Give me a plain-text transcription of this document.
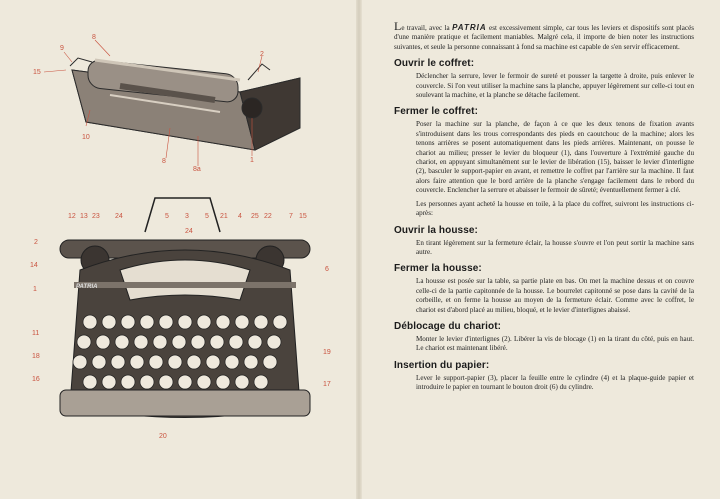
9
8
15
2
10
8
8a
1
12 13 23 24	5 3 5 21 4 25 22 7 15
2
6
24
14
1
11
18
16
19
17
20
PATRIA

Le travail, avec la PATRIA est excessivement simple, car tous les leviers et dispositifs sont placés d'une manière pratique et facilement maniables. Malgré cela, il importe de bien noter les instructions suivantes, et seule la personne connaissant à fond sa machine est capable de s'en servir efficacement.

Ouvrir le coffret:

Déclencher la serrure, lever le fermoir de sureté et pousser la targette à droite, puis enlever le couvercle. Si l'on veut utiliser la machine sans la planche, appuyer légèrement sur celle-ci tout en soulevant la machine, et la planche se détache facilement.

Fermer le coffret:

Poser la machine sur la planche, de façon à ce que les deux tenons de fixation avants s'introduisent dans les trous correspondants des pieds en caoutchouc de la machine; alors les tenons arrières se posent automatiquement dans les pieds arrières. Maintenant, on pousse le chariot au milieu; presser le levier du bloqueur (1), dans l'ouverture à l'extrémité gauche du chariot, en appuyant simultanément sur le levier de libération (15), baisser le levier d'interligne (2), basculer le support-papier en avant, et remettre le coffret par l'arrière sur la machine. Il faut alors faire attention que le bord arrière de la planche s'engage facilement dans le rebord du couvercle. Enclencher la serrure et abaisser le fermoir de sûreté; éventuellement fermer à clé.

Les personnes ayant acheté la housse en toile, à la place du coffret, suivront les instructions ci-après:

Ouvrir la housse:

En tirant légèrement sur la fermeture éclair, la housse s'ouvre et l'on peut sortir la machine sans autre.

Fermer la housse:

La housse est posée sur la table, sa partie plate en bas. On met la machine dessus et on couvre celle-ci de la partie capitonnée de la housse. Le bourrelet capitonné se pose dans la cavité de la corbeille, et on ferme la housse au moyen de la fermeture éclair. Comme avec le coffret, le chariot est d'abord placé au milieu, bloqué, et le levier d'interlignes abaissé.

Déblocage du chariot:

Monter le levier d'interlignes (2). Libérer la vis de blocage (1) en la tirant du côté, puis en haut. Le chariot est maintenant libéré.

Insertion du papier:

Lever le support-papier (3), placer la feuille entre le cylindre (4) et la plaque-guide papier et introduire le papier en tournant le bouton droit (6) du cylindre.
